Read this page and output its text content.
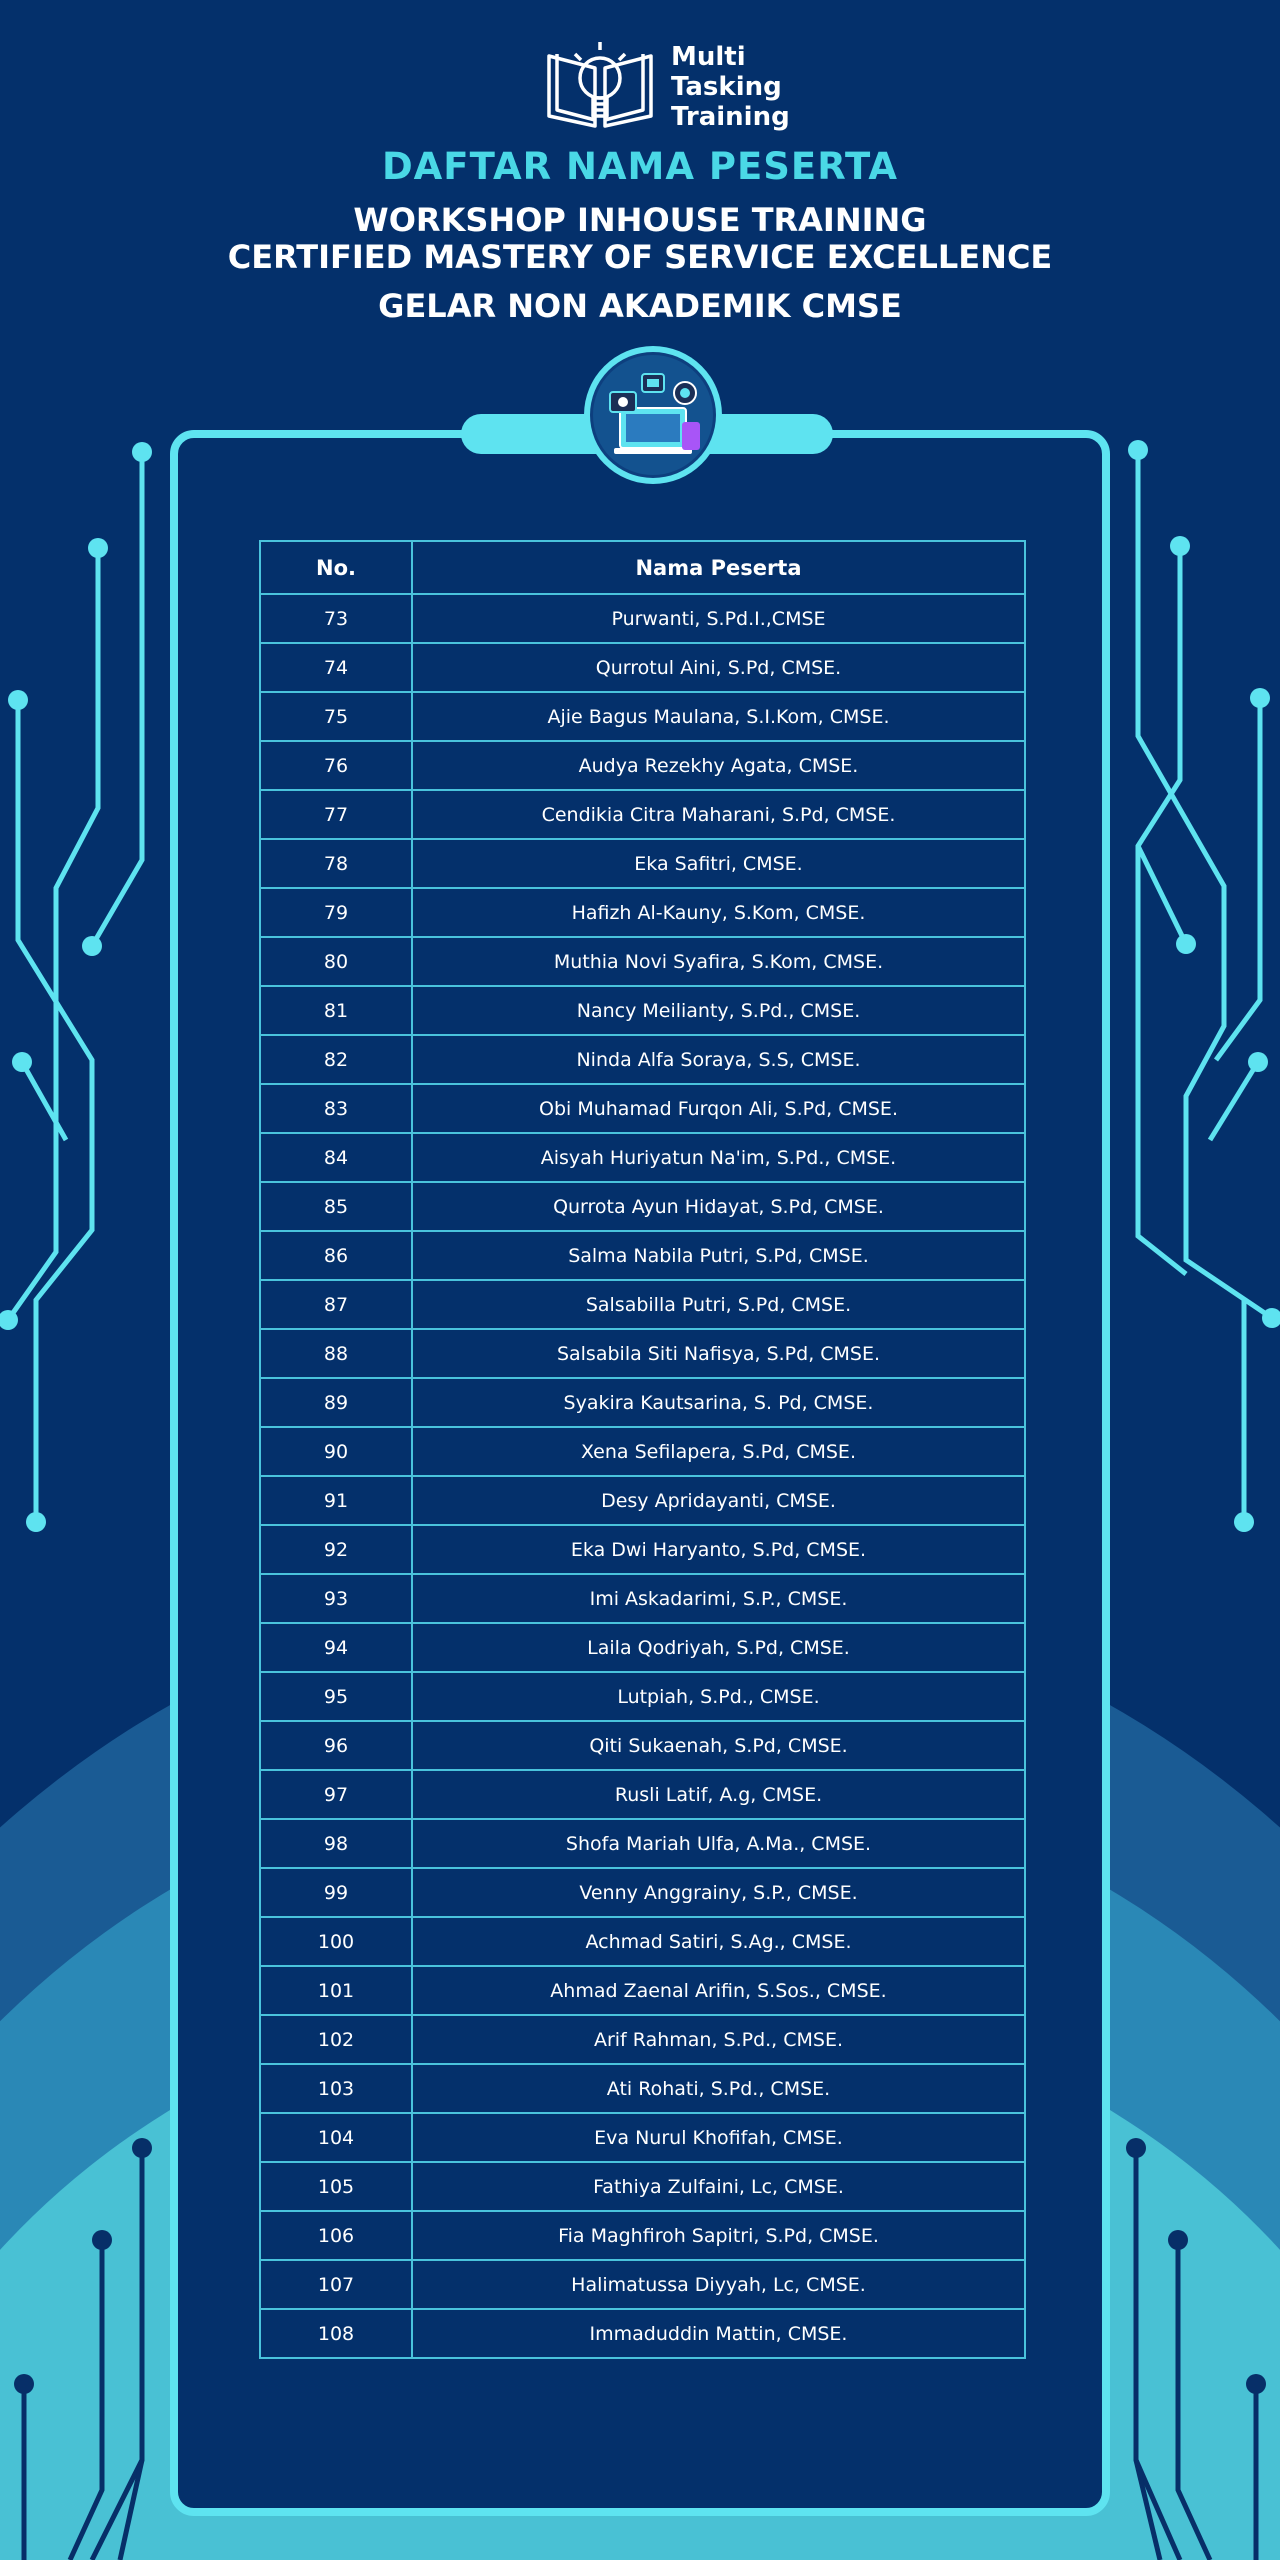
Multi
Tasking
Training
DAFTAR NAMA PESERTA
WORKSHOP INHOUSE TRAINING
CERTIFIED MASTERY OF SERVICE EXCELLENCE
GELAR NON AKADEMIK CMSE
No.	Nama Peserta
73	Purwanti, S.Pd.I.,CMSE
74	Qurrotul Aini, S.Pd, CMSE.
75	Ajie Bagus Maulana, S.I.Kom, CMSE.
76	Audya Rezekhy Agata, CMSE.
77	Cendikia Citra Maharani, S.Pd, CMSE.
78	Eka Safitri, CMSE.
79	Hafizh Al-Kauny, S.Kom, CMSE.
80	Muthia Novi Syafira, S.Kom, CMSE.
81	Nancy Meilianty, S.Pd., CMSE.
82	Ninda Alfa Soraya, S.S, CMSE.
83	Obi Muhamad Furqon Ali, S.Pd, CMSE.
84	Aisyah Huriyatun Na'im, S.Pd., CMSE.
85	Qurrota Ayun Hidayat, S.Pd, CMSE.
86	Salma Nabila Putri, S.Pd, CMSE.
87	Salsabilla Putri, S.Pd, CMSE.
88	Salsabila Siti Nafisya, S.Pd, CMSE.
89	Syakira Kautsarina, S. Pd, CMSE.
90	Xena Sefilapera, S.Pd, CMSE.
91	Desy Apridayanti, CMSE.
92	Eka Dwi Haryanto, S.Pd, CMSE.
93	Imi Askadarimi, S.P., CMSE.
94	Laila Qodriyah, S.Pd, CMSE.
95	Lutpiah, S.Pd., CMSE.
96	Qiti Sukaenah, S.Pd, CMSE.
97	Rusli Latif, A.g, CMSE.
98	Shofa Mariah Ulfa, A.Ma., CMSE.
99	Venny Anggrainy, S.P., CMSE.
100	Achmad Satiri, S.Ag., CMSE.
101	Ahmad Zaenal Arifin, S.Sos., CMSE.
102	Arif Rahman, S.Pd., CMSE.
103	Ati Rohati, S.Pd., CMSE.
104	Eva Nurul Khofifah, CMSE.
105	Fathiya Zulfaini, Lc, CMSE.
106	Fia Maghfiroh Sapitri, S.Pd, CMSE.
107	Halimatussa Diyyah, Lc, CMSE.
108	Immaduddin Mattin, CMSE.
